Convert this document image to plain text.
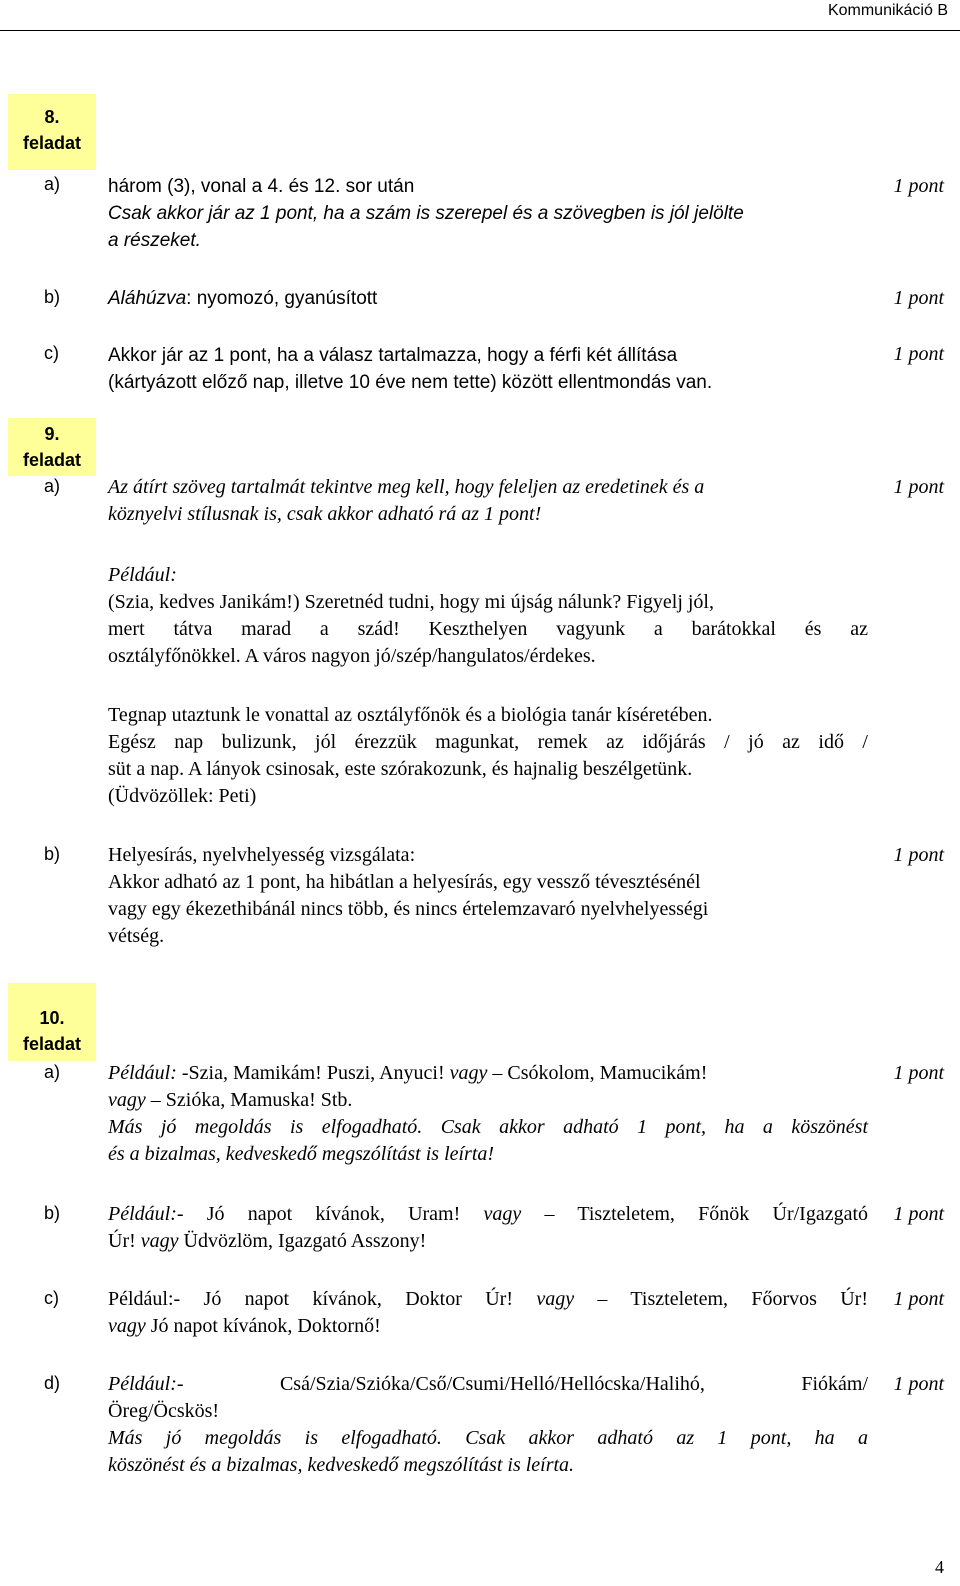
Kommunikáció B
8.
feladat
a)	három (3), vonal a 4. és 12. sor után
Csak akkor jár az 1 pont, ha a szám is szerepel és a szövegben is jól jelölte
a részeket.
1 pont
b)	Aláhúzva: nyomozó, gyanúsított	1 pont
c)	Akkor jár az 1 pont, ha a válasz tartalmazza, hogy a férfi két állítása
(kártyázott előző nap, illetve 10 éve nem tette) között ellentmondás van.
1 pont
9.
feladat
a) Az átírt szöveg tartalmát tekintve meg kell, hogy feleljen az eredetinek és a
köznyelvi stílusnak is, csak akkor adható rá az 1 pont!
1 pont
Például:
(Szia, kedves Janikám!) Szeretnéd tudni, hogy mi újság nálunk? Figyelj jól,
mert tátva marad a szád! Keszthelyen vagyunk a barátokkal és az
osztályfőnökkel. A város nagyon jó/szép/hangulatos/érdekes.
Tegnap utaztunk le vonattal az osztályfőnök és a biológia tanár kíséretében.
Egész nap bulizunk, jól érezzük magunkat, remek az időjárás / jó az idő /
süt a nap. A lányok csinosak, este szórakozunk, és hajnalig beszélgetünk.
(Üdvözöllek: Peti)
b) Helyesírás, nyelvhelyesség vizsgálata:
Akkor adható az 1 pont, ha hibátlan a helyesírás, egy vessző tévesztésénél
vagy egy ékezethibánál nincs több, és nincs értelemzavaró nyelvhelyességi
vétség.
1 pont
10.
feladat
a) Például: -Szia, Mamikám! Puszi, Anyuci! vagy – Csókolom, Mamucikám!
vagy – Szióka, Mamuska! Stb.
Más jó megoldás is elfogadható. Csak akkor adható 1 pont, ha a köszönést
és a bizalmas, kedveskedő megszólítást is leírta!
1 pont
b) Például:- Jó napot kívánok, Uram! vagy – Tiszteletem, Főnök Úr/Igazgató
Úr! vagy Üdvözlöm, Igazgató Asszony!
1 pont
c) Például:- Jó napot kívánok, Doktor Úr! vagy – Tiszteletem, Főorvos Úr!
vagy Jó napot kívánok, Doktornő!
1 pont
d) Például:- Csá/Szia/Szióka/Cső/Csumi/Helló/Hellócska/Halihó, Fiókám/
Öreg/Öcskös!
Más jó megoldás is elfogadható. Csak akkor adható az 1 pont, ha a
köszönést és a bizalmas, kedveskedő megszólítást is leírta.
1 pont
4
